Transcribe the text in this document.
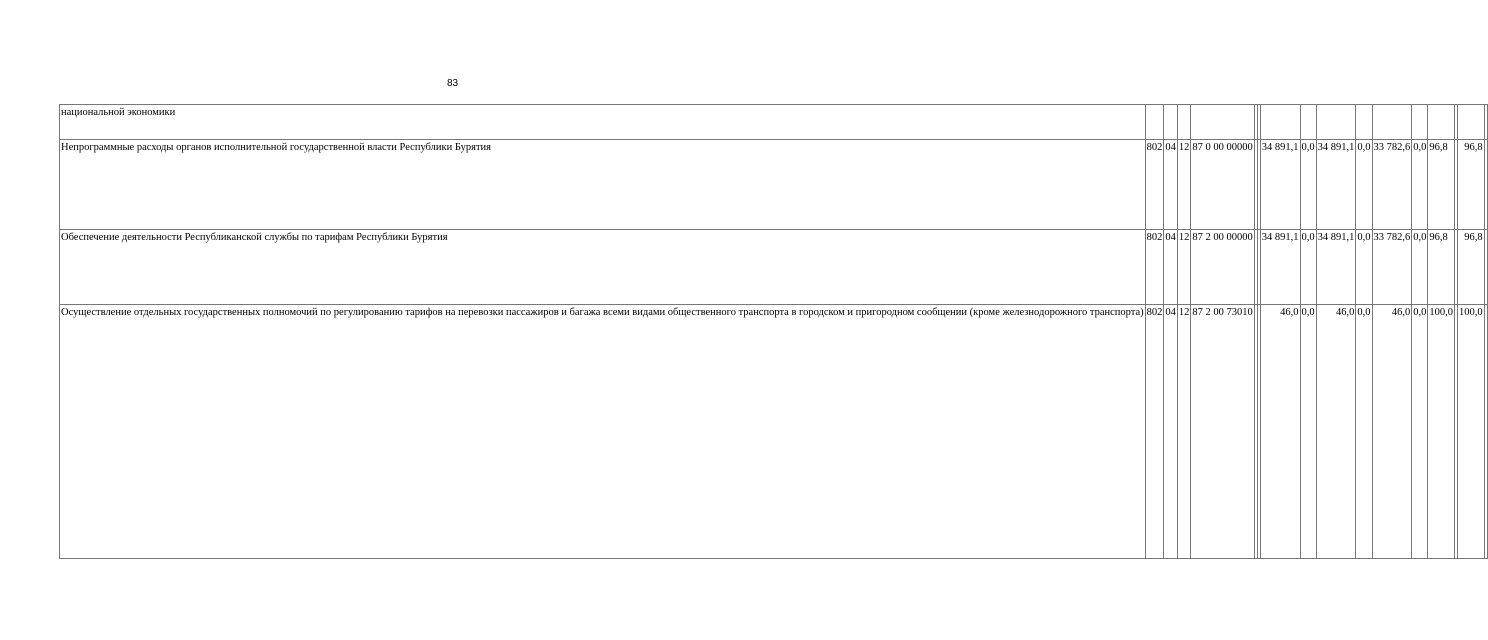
83
национальной экономики																
Непрограммные расходы органов исполнительной государственной власти Республики Бурятия	802	04	12	87 0 00 00000			34 891,1	0,0	34 891,1	0,0	33 782,6	0,0	96,8		96,8	
Обеспечение деятельности Республиканской службы по тарифам Республики Бурятия	802	04	12	87 2 00 00000			34 891,1	0,0	34 891,1	0,0	33 782,6	0,0	96,8		96,8	
Осуществление отдельных государственных полномочий по регулированию тарифов на перевозки пассажиров и багажа всеми видами общественного транспорта в городском и пригородном сообщении (кроме железнодорожного транспорта)	802	04	12	87 2 00 73010			46,0	0,0	46,0	0,0	46,0	0,0	100,0		100,0	
